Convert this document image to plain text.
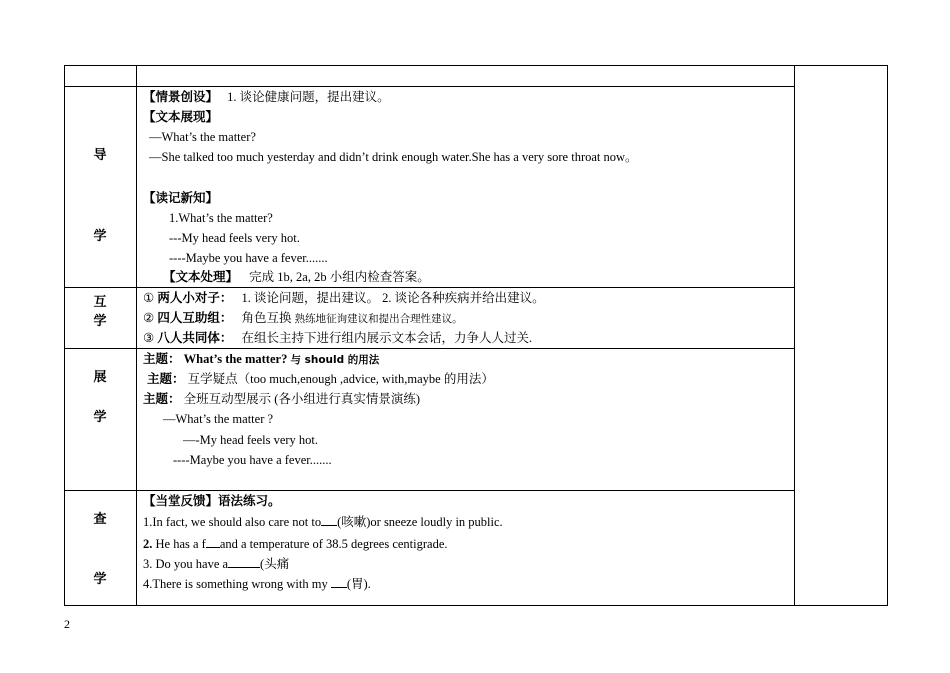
导
学
【情景创设】 1. 谈论健康问题，提出建议。
【文本展现】
—What’s the matter?
—She talked too much yesterday and didn’t drink enough water.She has a very sore throat now。
【读记新知】
1.What’s the matter?
---My head feels very hot.
----Maybe you have a fever.......
【文本处理】 完成 1b, 2a, 2b 小组内检查答案。
互
学
① 两人小对子： 1. 谈论问题，提出建议。 2. 谈论各种疾病并给出建议。
② 四人互助组： 角色互换 熟练地征询建议和提出合理性建议。
③ 八人共同体： 在组长主持下进行组内展示文本会话，力争人人过关.
展
学
主题： What’s the matter? 与 should 的用法
主题： 互学疑点（too much,enough ,advice, with,maybe 的用法）
主题： 全班互动型展示 (各小组进行真实情景演练)
—What’s the matter ?
—-My head feels very hot.
----Maybe you have a fever.......
查
学
【当堂反馈】语法练习。
1.In fact, we should also care not to (咳嗽)or sneeze loudly in public.
2. He has a f and a temperature of 38.5 degrees centigrade.
3. Do you have a	(头痛
4.There is something wrong with my (胃).
2
